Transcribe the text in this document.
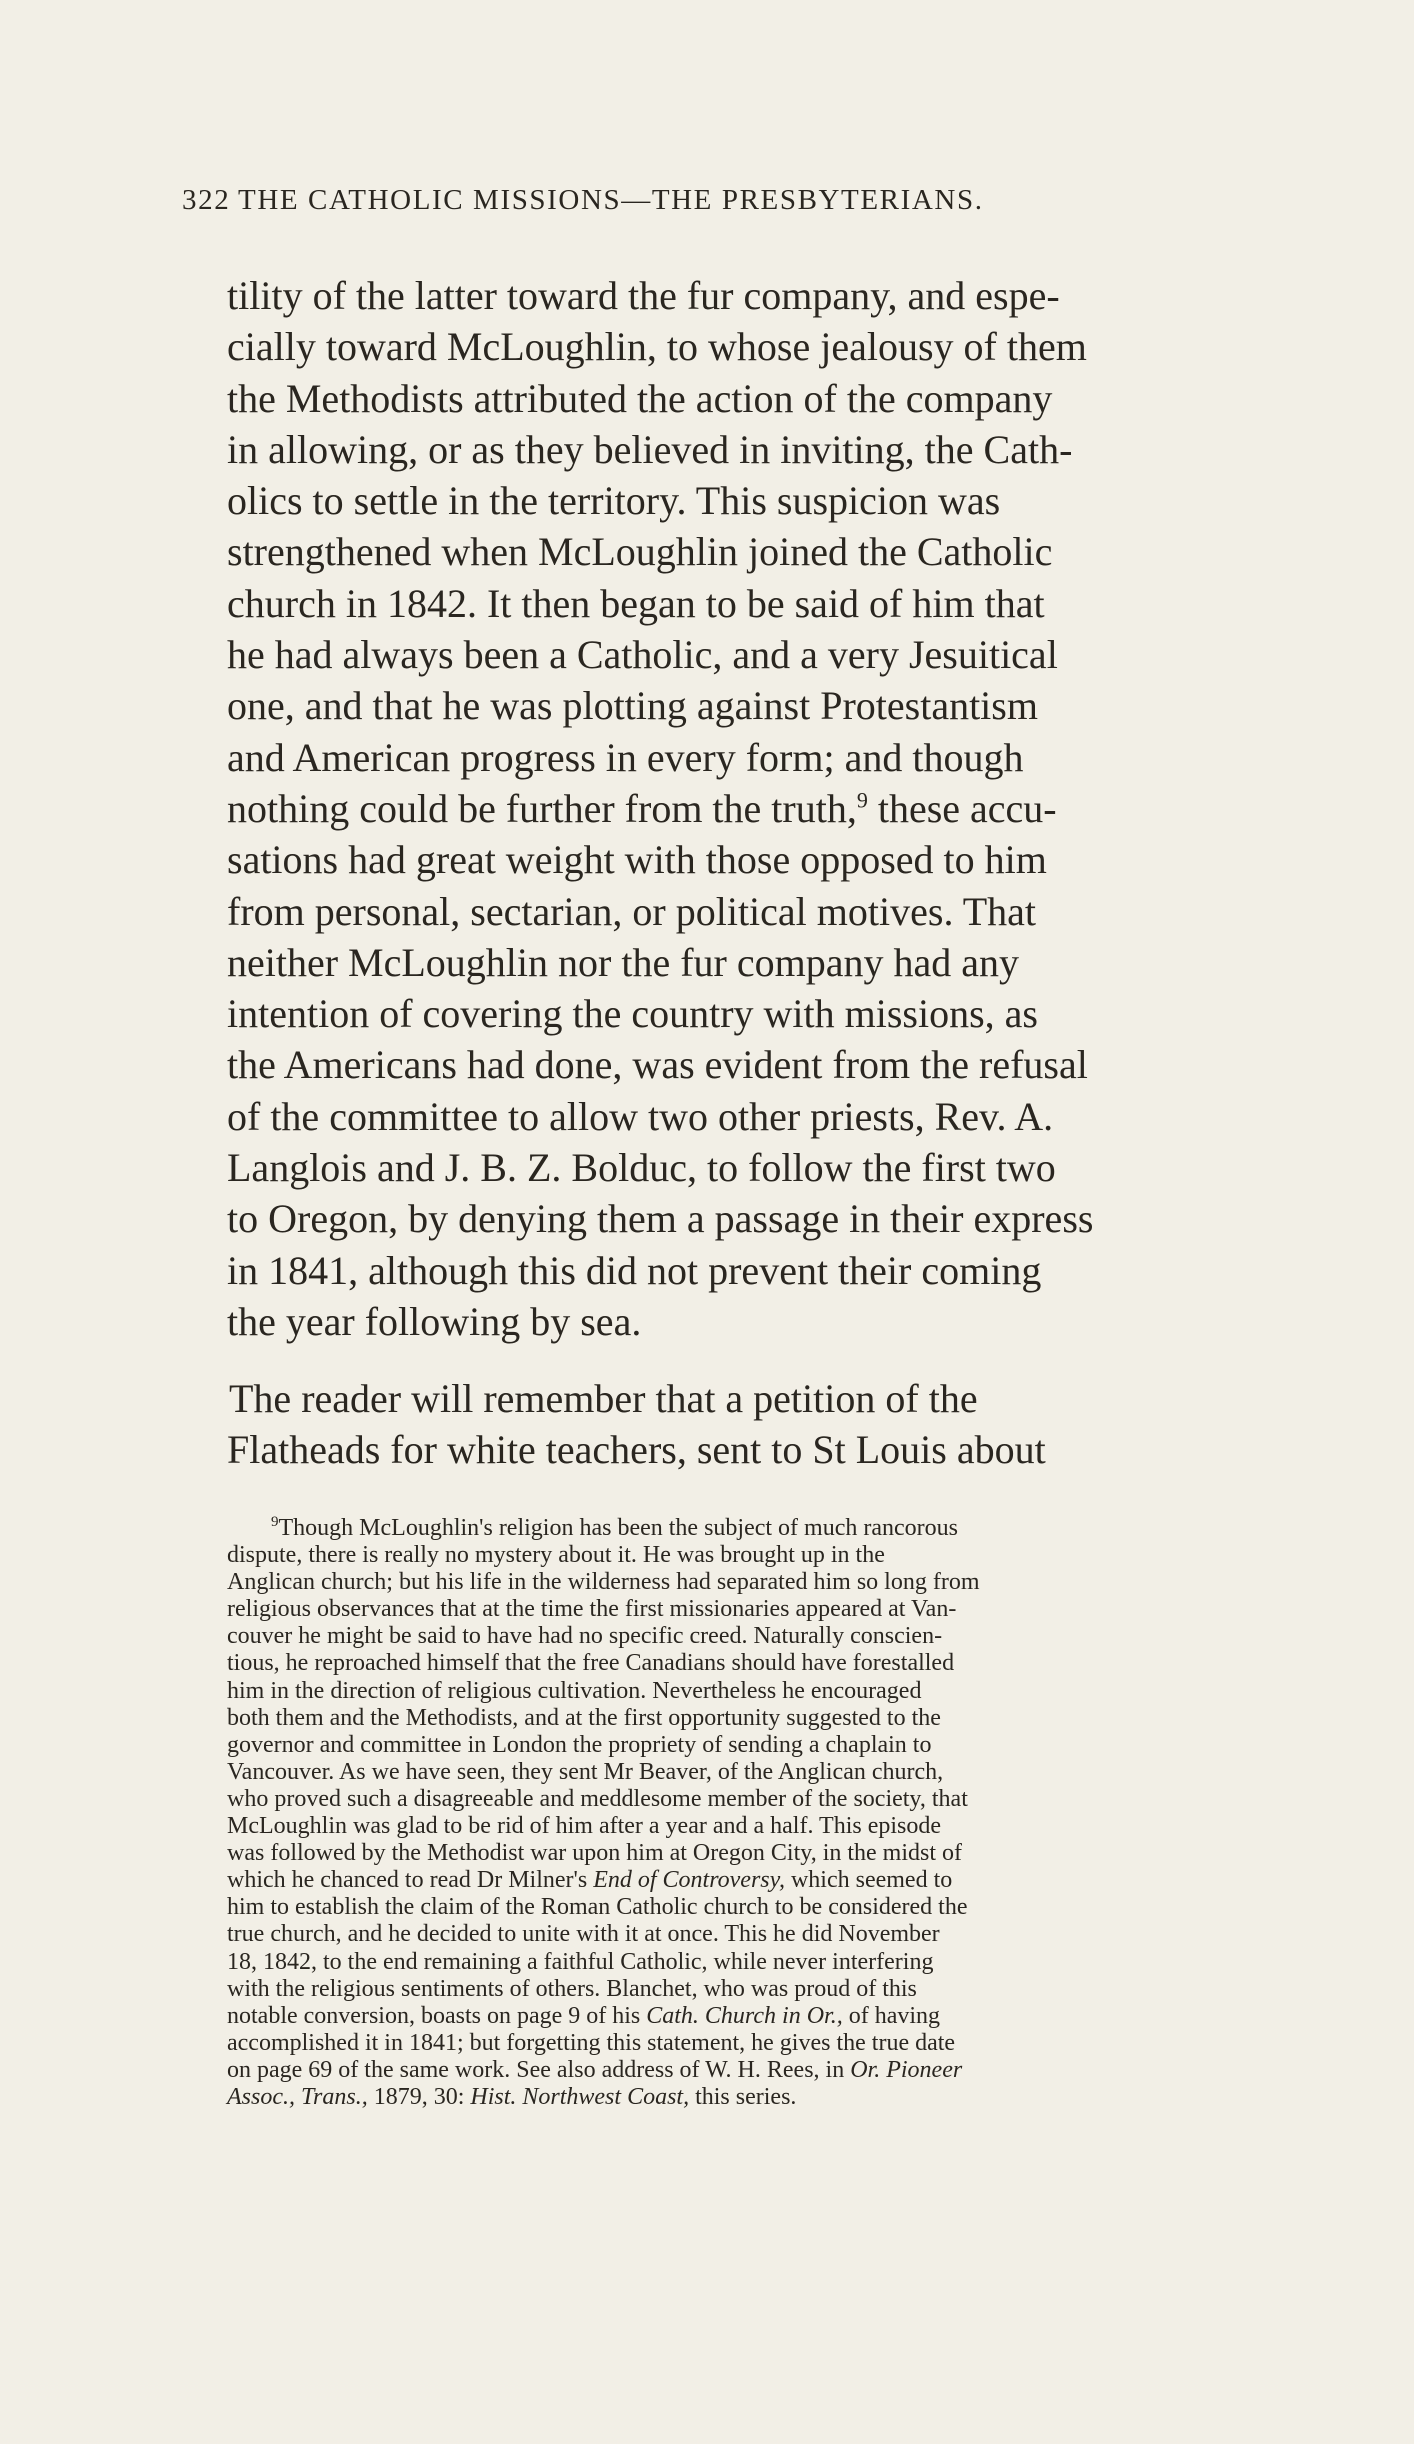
322 THE CATHOLIC MISSIONS—THE PRESBYTERIANS.
tility of the latter toward the fur company, and espe-
cially toward McLoughlin, to whose jealousy of them
the Methodists attributed the action of the company
in allowing, or as they believed in inviting, the Cath-
olics to settle in the territory. This suspicion was
strengthened when McLoughlin joined the Catholic
church in 1842. It then began to be said of him that
he had always been a Catholic, and a very Jesuitical
one, and that he was plotting against Protestantism
and American progress in every form; and though
nothing could be further from the truth,$^9$ these accu-
sations had great weight with those opposed to him
from personal, sectarian, or political motives. That
neither McLoughlin nor the fur company had any
intention of covering the country with missions, as
the Americans had done, was evident from the refusal
of the committee to allow two other priests, Rev. A.
Langlois and J. B. Z. Bolduc, to follow the first two
to Oregon, by denying them a passage in their express
in 1841, although this did not prevent their coming
the year following by sea.
The reader will remember that a petition of the
Flatheads for white teachers, sent to St Louis about
$^9$Though McLoughlin's religion has been the subject of much rancorous
dispute, there is really no mystery about it. He was brought up in the
Anglican church; but his life in the wilderness had separated him so long from
religious observances that at the time the first missionaries appeared at Van-
couver he might be said to have had no specific creed. Naturally conscien-
tious, he reproached himself that the free Canadians should have forestalled
him in the direction of religious cultivation. Nevertheless he encouraged
both them and the Methodists, and at the first opportunity suggested to the
governor and committee in London the propriety of sending a chaplain to
Vancouver. As we have seen, they sent Mr Beaver, of the Anglican church,
who proved such a disagreeable and meddlesome member of the society, that
McLoughlin was glad to be rid of him after a year and a half. This episode
was followed by the Methodist war upon him at Oregon City, in the midst of
which he chanced to read Dr Milner's End of Controversy, which seemed to
him to establish the claim of the Roman Catholic church to be considered the
true church, and he decided to unite with it at once. This he did November
18, 1842, to the end remaining a faithful Catholic, while never interfering
with the religious sentiments of others. Blanchet, who was proud of this
notable conversion, boasts on page 9 of his Cath. Church in Or., of having
accomplished it in 1841; but forgetting this statement, he gives the true date
on page 69 of the same work. See also address of W. H. Rees, in Or. Pioneer
Assoc., Trans., 1879, 30: Hist. Northwest Coast, this series.
